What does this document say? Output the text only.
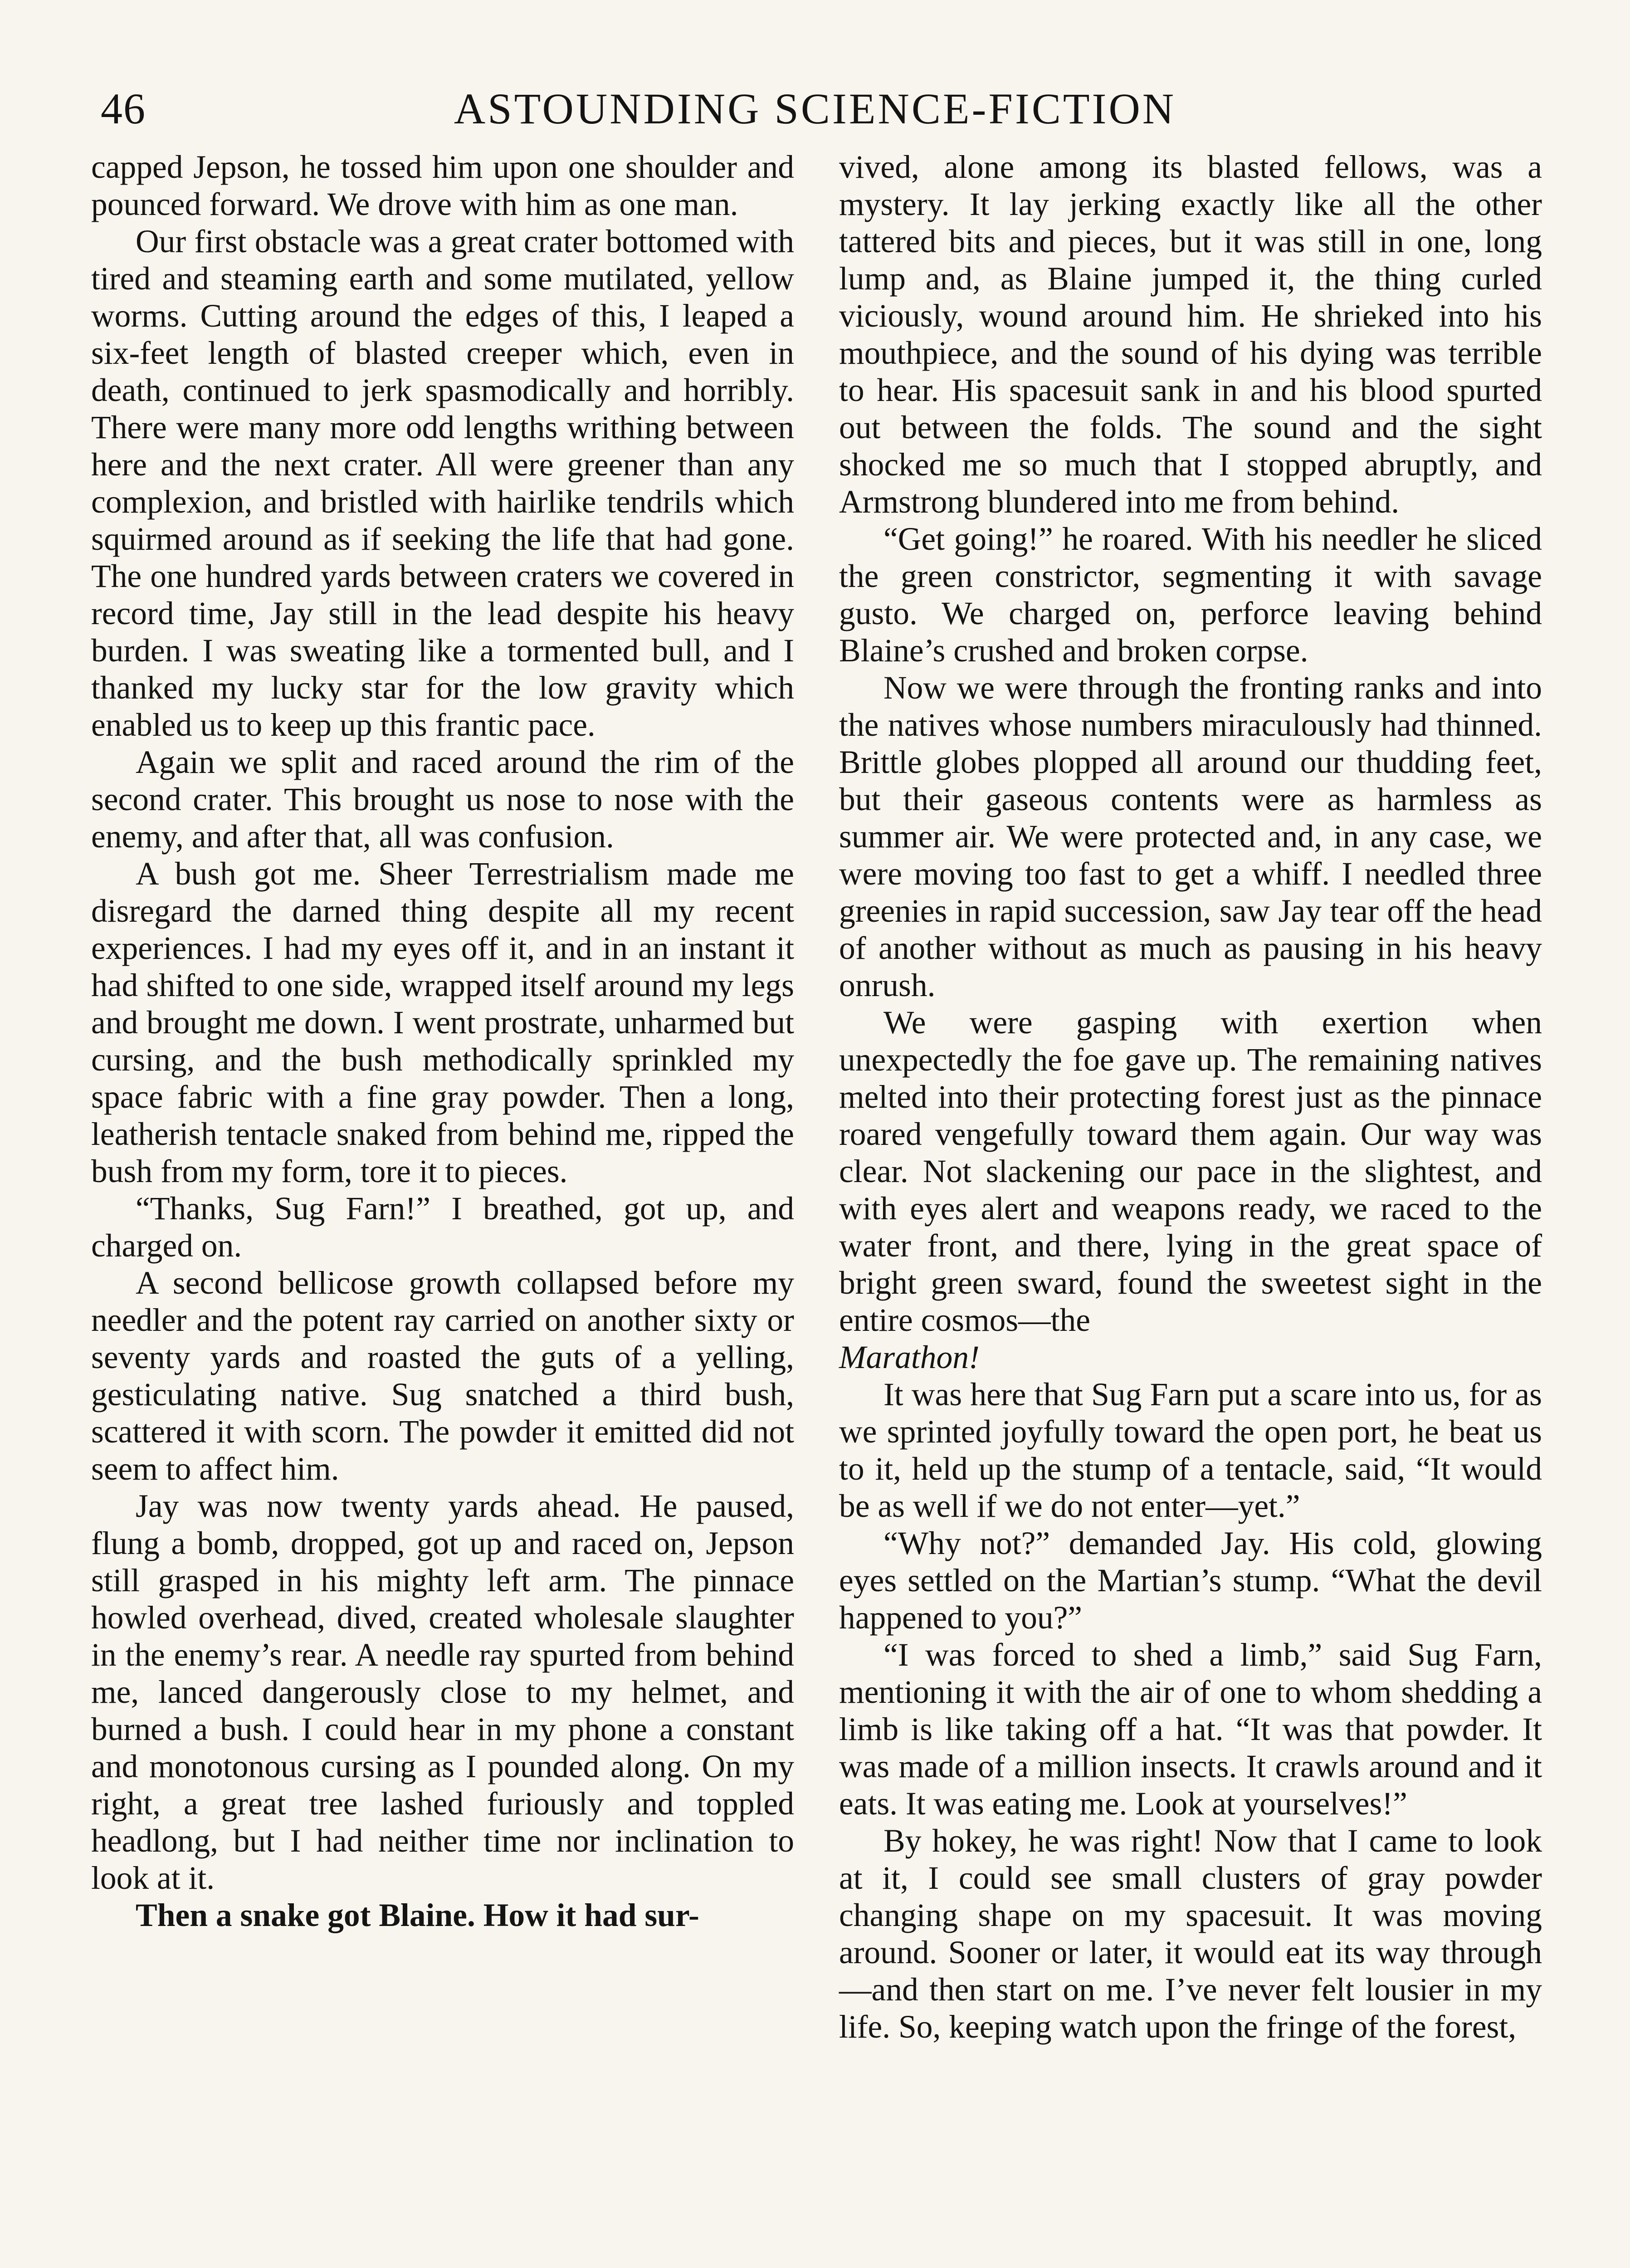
46	ASTOUNDING SCIENCE-FICTION

capped Jepson, he tossed him upon one shoulder and pounced forward. We drove with him as one man.

Our first obstacle was a great crater bottomed with tired and steaming earth and some mutilated, yellow worms. Cutting around the edges of this, I leaped a six-feet length of blasted creeper which, even in death, continued to jerk spasmodically and horribly. There were many more odd lengths writhing between here and the next crater. All were greener than any complexion, and bristled with hairlike tendrils which squirmed around as if seeking the life that had gone. The one hundred yards between craters we covered in record time, Jay still in the lead despite his heavy burden. I was sweating like a tormented bull, and I thanked my lucky star for the low gravity which enabled us to keep up this frantic pace.

Again we split and raced around the rim of the second crater. This brought us nose to nose with the enemy, and after that, all was confusion.

A bush got me. Sheer Terrestrialism made me disregard the darned thing despite all my recent experiences. I had my eyes off it, and in an instant it had shifted to one side, wrapped itself around my legs and brought me down. I went prostrate, unharmed but cursing, and the bush methodically sprinkled my space fabric with a fine gray powder. Then a long, leatherish tentacle snaked from behind me, ripped the bush from my form, tore it to pieces.

“Thanks, Sug Farn!” I breathed, got up, and charged on.

A second bellicose growth collapsed before my needler and the potent ray carried on another sixty or seventy yards and roasted the guts of a yelling, gesticulating native. Sug snatched a third bush, scattered it with scorn. The powder it emitted did not seem to affect him.

Jay was now twenty yards ahead. He paused, flung a bomb, dropped, got up and raced on, Jepson still grasped in his mighty left arm. The pinnace howled overhead, dived, created wholesale slaughter in the enemy’s rear. A needle ray spurted from behind me, lanced dangerously close to my helmet, and burned a bush. I could hear in my phone a constant and monotonous cursing as I pounded along. On my right, a great tree lashed furiously and toppled headlong, but I had neither time nor inclination to look at it.

Then a snake got Blaine. How it had sur-

vived, alone among its blasted fellows, was a mystery. It lay jerking exactly like all the other tattered bits and pieces, but it was still in one, long lump and, as Blaine jumped it, the thing curled viciously, wound around him. He shrieked into his mouthpiece, and the sound of his dying was terrible to hear. His spacesuit sank in and his blood spurted out between the folds. The sound and the sight shocked me so much that I stopped abruptly, and Armstrong blundered into me from behind.

“Get going!” he roared. With his needler he sliced the green constrictor, segmenting it with savage gusto. We charged on, perforce leaving behind Blaine’s crushed and broken corpse.

Now we were through the fronting ranks and into the natives whose numbers miraculously had thinned. Brittle globes plopped all around our thudding feet, but their gaseous contents were as harmless as summer air. We were protected and, in any case, we were moving too fast to get a whiff. I needled three greenies in rapid succession, saw Jay tear off the head of another without as much as pausing in his heavy onrush.

We were gasping with exertion when unexpectedly the foe gave up. The remaining natives melted into their protecting forest just as the pinnace roared vengefully toward them again. Our way was clear. Not slackening our pace in the slightest, and with eyes alert and weapons ready, we raced to the water front, and there, lying in the great space of bright green sward, found the sweetest sight in the entire cosmos—the

Marathon!

It was here that Sug Farn put a scare into us, for as we sprinted joyfully toward the open port, he beat us to it, held up the stump of a tentacle, said, “It would be as well if we do not enter—yet.”

“Why not?” demanded Jay. His cold, glowing eyes settled on the Martian’s stump. “What the devil happened to you?”

“I was forced to shed a limb,” said Sug Farn, mentioning it with the air of one to whom shedding a limb is like taking off a hat. “It was that powder. It was made of a million insects. It crawls around and it eats. It was eating me. Look at yourselves!”

By hokey, he was right! Now that I came to look at it, I could see small clusters of gray powder changing shape on my spacesuit. It was moving around. Sooner or later, it would eat its way through—and then start on me. I’ve never felt lousier in my life. So, keeping watch upon the fringe of the forest,
